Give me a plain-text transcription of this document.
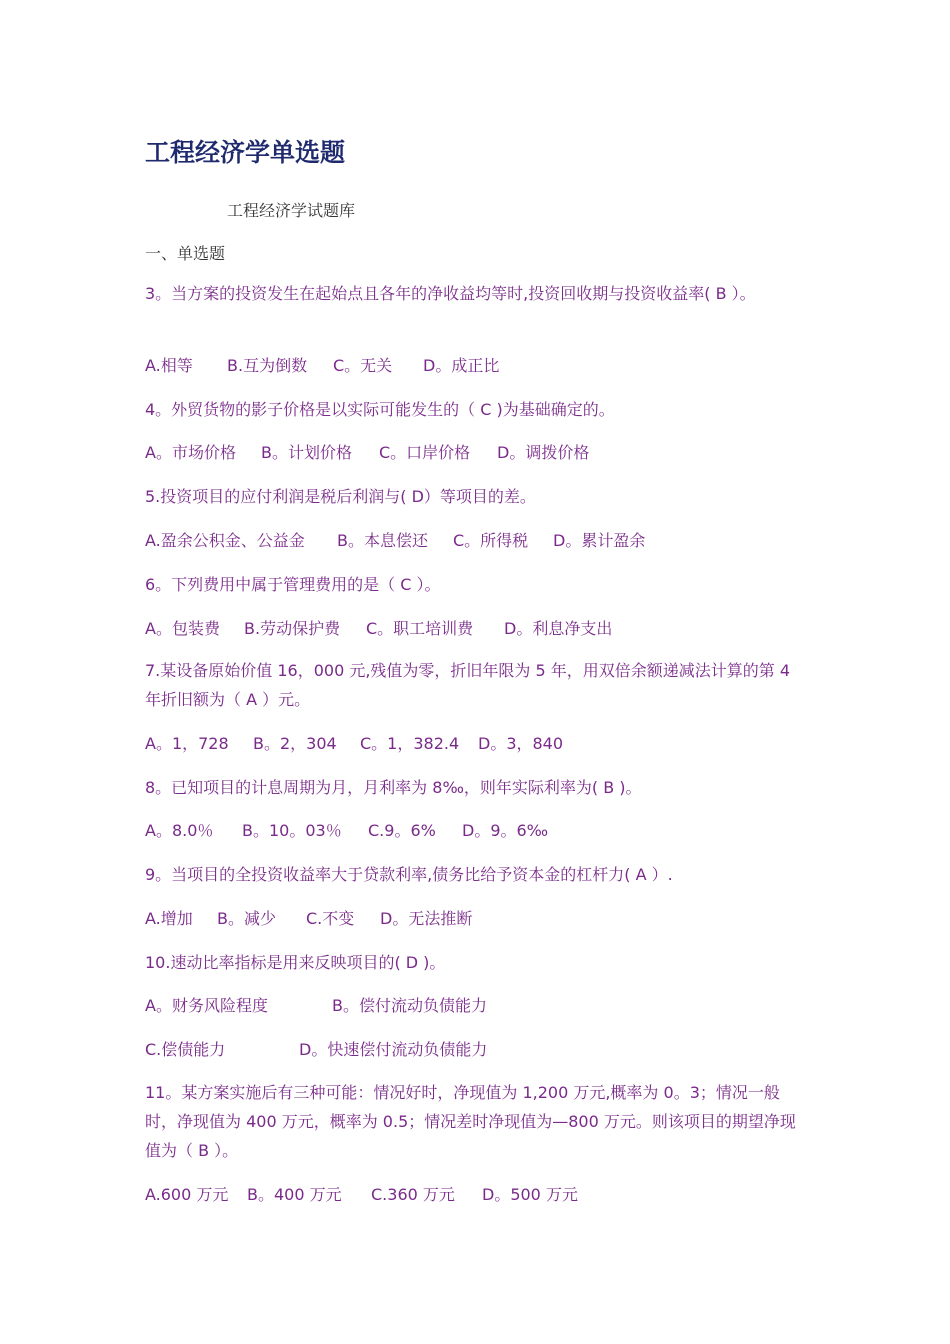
工程经济学单选题
工程经济学试题库
一、单选题
3。当方案的投资发生在起始点且各年的净收益均等时,投资回收期与投资收益率( B ）。
A.相等 B.互为倒数 C。无关 D。成正比
4。外贸货物的影子价格是以实际可能发生的（ C )为基础确定的。
A。市场价格 B。计划价格 C。口岸价格 D。调拨价格
5.投资项目的应付利润是税后利润与( D）等项目的差。
A.盈余公积金、公益金 B。本息偿还 C。所得税 D。累计盈余
6。下列费用中属于管理费用的是（ C ）。
A。包装费 B.劳动保护费 C。职工培训费 D。利息净支出
7.某设备原始价值 16，000 元,残值为零，折旧年限为 5 年，用双倍余额递减法计算的第 4 年折旧额为（ A ）元。
A。1，728 B。2，304 C。1，382.4 D。3，840
8。已知项目的计息周期为月，月利率为 8‰，则年实际利率为( B )。
A。8.0％ B。10。03％ C.9。6% D。9。6‰
9。当项目的全投资收益率大于贷款利率,债务比给予资本金的杠杆力( A ）.
A.增加 B。减少 C.不变 D。无法推断
10.速动比率指标是用来反映项目的( D )。
A。财务风险程度	B。偿付流动负债能力
C.偿债能力	D。快速偿付流动负债能力
11。某方案实施后有三种可能：情况好时，净现值为 1,200 万元,概率为 0。3；情况一般时，净现值为 400 万元，概率为 0.5；情况差时净现值为—800 万元。则该项目的期望净现值为（ B ）。
A.600 万元 B。400 万元 C.360 万元 D。500 万元
